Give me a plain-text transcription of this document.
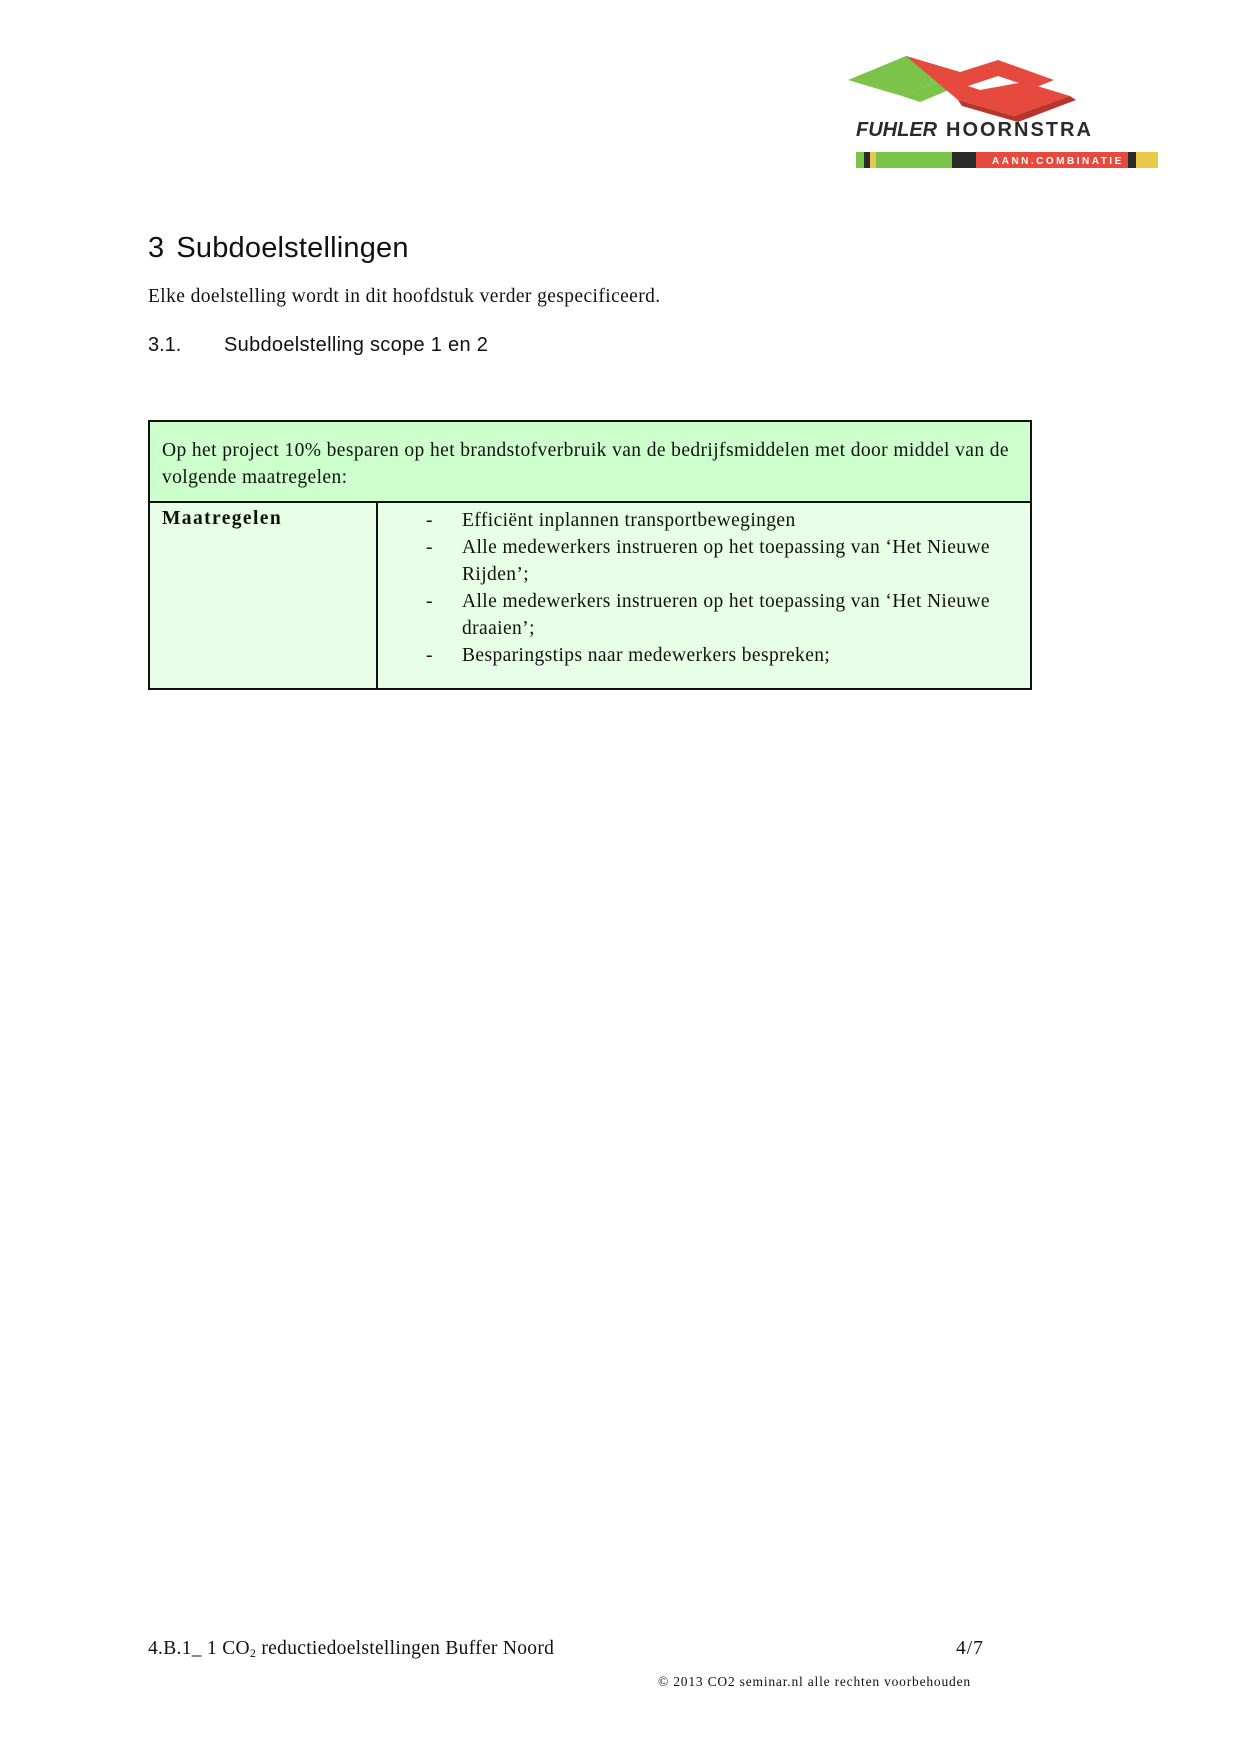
FUHLER HOORNSTRA
AANN.COMBINATIE
3 Subdoelstellingen
Elke doelstelling wordt in dit hoofdstuk verder gespecificeerd.
3.1. Subdoelstelling scope 1 en 2
Op het project 10% besparen op het brandstofverbruik van de bedrijfsmiddelen met door middel van de volgende maatregelen:
Maatregelen	- Efficiënt inplannen transportbewegingen
- Alle medewerkers instrueren op het toepassing van ‘Het Nieuwe Rijden’;
- Alle medewerkers instrueren op het toepassing van ‘Het Nieuwe draaien’;
- Besparingstips naar medewerkers bespreken;
4.B.1_ 1 $CO_2$ reductiedoelstellingen Buffer Noord	4/7
© 2013 CO2 seminar.nl alle rechten voorbehouden
